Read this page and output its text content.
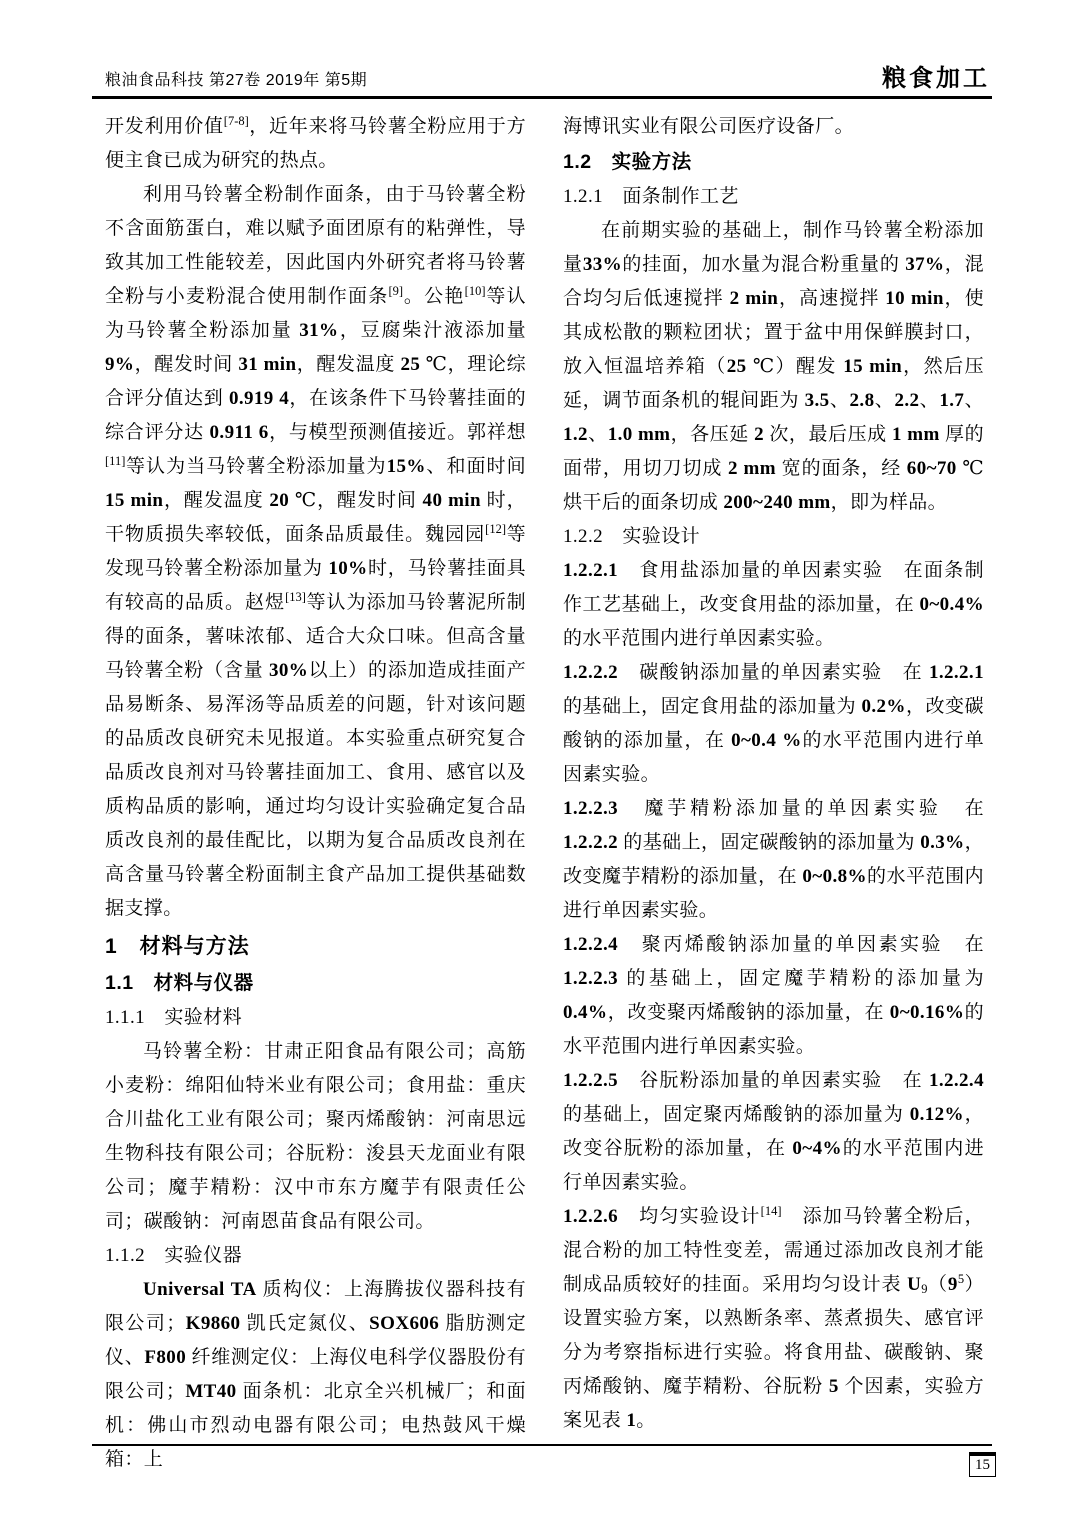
粮油食品科技 第27卷 2019年 第5期	粮食加工

开发利用价值[7-8]，近年来将马铃薯全粉应用于方便主食已成为研究的热点。

利用马铃薯全粉制作面条，由于马铃薯全粉不含面筋蛋白，难以赋予面团原有的粘弹性，导致其加工性能较差，因此国内外研究者将马铃薯全粉与小麦粉混合使用制作面条[9]。公艳[10]等认为马铃薯全粉添加量 31%，豆腐柴汁液添加量9%，醒发时间 31 min，醒发温度 25 ℃，理论综合评分值达到 0.919 4，在该条件下马铃薯挂面的综合评分达 0.911 6，与模型预测值接近。郭祥想[11]等认为当马铃薯全粉添加量为15%、和面时间 15 min，醒发温度 20 ℃，醒发时间 40 min 时，干物质损失率较低，面条品质最佳。魏园园[12]等发现马铃薯全粉添加量为 10%时，马铃薯挂面具有较高的品质。赵煜[13]等认为添加马铃薯泥所制得的面条，薯味浓郁、适合大众口味。但高含量马铃薯全粉（含量 30%以上）的添加造成挂面产品易断条、易浑汤等品质差的问题，针对该问题的品质改良研究未见报道。本实验重点研究复合品质改良剂对马铃薯挂面加工、食用、感官以及质构品质的影响，通过均匀设计实验确定复合品质改良剂的最佳配比，以期为复合品质改良剂在高含量马铃薯全粉面制主食产品加工提供基础数据支撑。

1　材料与方法

1.1　材料与仪器

1.1.1　实验材料

马铃薯全粉：甘肃正阳食品有限公司；高筋小麦粉：绵阳仙特米业有限公司；食用盐：重庆合川盐化工业有限公司；聚丙烯酸钠：河南思远生物科技有限公司；谷朊粉：浚县天龙面业有限公司；魔芋精粉：汉中市东方魔芋有限责任公司；碳酸钠：河南恩苗食品有限公司。

1.1.2　实验仪器

Universal TA 质构仪：上海腾拔仪器科技有限公司；K9860 凯氏定氮仪、SOX606 脂肪测定仪、F800 纤维测定仪：上海仪电科学仪器股份有限公司；MT40 面条机：北京全兴机械厂；和面机：佛山市烈动电器有限公司；电热鼓风干燥箱：上

海博讯实业有限公司医疗设备厂。

1.2　实验方法

1.2.1　面条制作工艺

在前期实验的基础上，制作马铃薯全粉添加量33%的挂面，加水量为混合粉重量的 37%，混合均匀后低速搅拌 2 min，高速搅拌 10 min，使其成松散的颗粒团状；置于盆中用保鲜膜封口，放入恒温培养箱（25 ℃）醒发 15 min，然后压延，调节面条机的辊间距为 3.5、2.8、2.2、1.7、1.2、1.0 mm，各压延 2 次，最后压成 1 mm 厚的面带，用切刀切成 2 mm 宽的面条，经 60~70 ℃烘干后的面条切成 200~240 mm，即为样品。

1.2.2　实验设计

1.2.2.1　食用盐添加量的单因素实验　在面条制作工艺基础上，改变食用盐的添加量，在 0~0.4%的水平范围内进行单因素实验。

1.2.2.2　碳酸钠添加量的单因素实验　在 1.2.2.1 的基础上，固定食用盐的添加量为 0.2%，改变碳酸钠的添加量，在 0~0.4 %的水平范围内进行单因素实验。

1.2.2.3　魔芋精粉添加量的单因素实验　在 1.2.2.2 的基础上，固定碳酸钠的添加量为 0.3%，改变魔芋精粉的添加量，在 0~0.8%的水平范围内进行单因素实验。

1.2.2.4　聚丙烯酸钠添加量的单因素实验　在 1.2.2.3 的基础上，固定魔芋精粉的添加量为 0.4%，改变聚丙烯酸钠的添加量，在 0~0.16%的水平范围内进行单因素实验。

1.2.2.5　谷朊粉添加量的单因素实验　在 1.2.2.4 的基础上，固定聚丙烯酸钠的添加量为 0.12%，改变谷朊粉的添加量，在 0~4%的水平范围内进行单因素实验。

1.2.2.6　均匀实验设计[14]　添加马铃薯全粉后，混合粉的加工特性变差，需通过添加改良剂才能制成品质较好的挂面。采用均匀设计表 $U_9(9^5)$设置实验方案，以熟断条率、蒸煮损失、感官评分为考察指标进行实验。将食用盐、碳酸钠、聚丙烯酸钠、魔芋精粉、谷朊粉 5 个因素，实验方案见表 1。

15
